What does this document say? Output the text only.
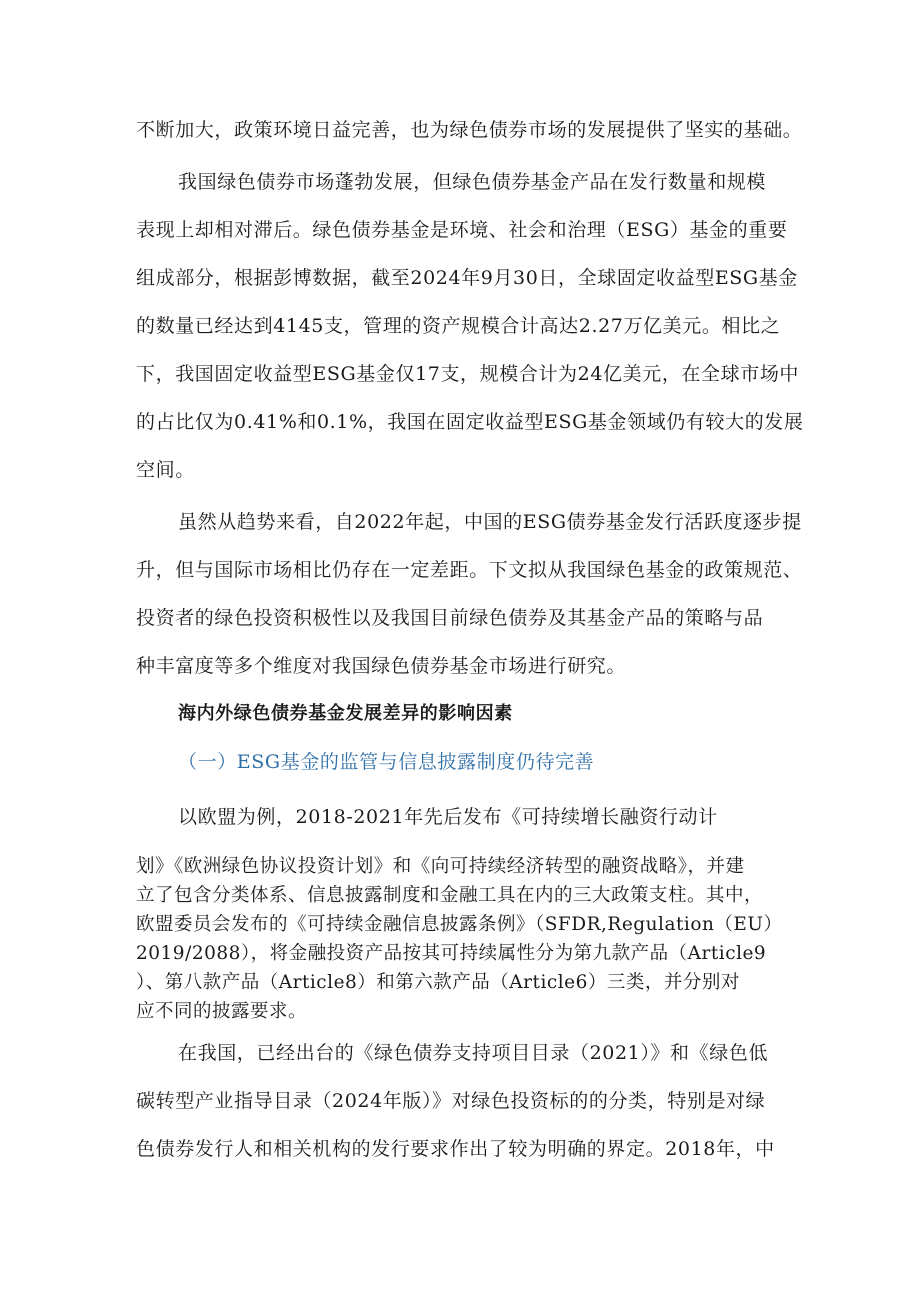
不断加大，政策环境日益完善，也为绿色债券市场的发展提供了坚实的基础。
我国绿色债券市场蓬勃发展，但绿色债券基金产品在发行数量和规模
表现上却相对滞后。绿色债券基金是环境、社会和治理（ESG）基金的重要
组成部分，根据彭博数据，截至2024年9月30日，全球固定收益型ESG基金
的数量已经达到4145支，管理的资产规模合计高达2.27万亿美元。相比之
下，我国固定收益型ESG基金仅17支，规模合计为24亿美元，在全球市场中
的占比仅为0.41%和0.1%，我国在固定收益型ESG基金领域仍有较大的发展
空间。
虽然从趋势来看，自2022年起，中国的ESG债券基金发行活跃度逐步提
升，但与国际市场相比仍存在一定差距。下文拟从我国绿色基金的政策规范、
投资者的绿色投资积极性以及我国目前绿色债券及其基金产品的策略与品
种丰富度等多个维度对我国绿色债券基金市场进行研究。
海内外绿色债券基金发展差异的影响因素
（一）ESG基金的监管与信息披露制度仍待完善
以欧盟为例，2018-2021年先后发布《可持续增长融资行动计
划》《欧洲绿色协议投资计划》和《向可持续经济转型的融资战略》，并建
立了包含分类体系、信息披露制度和金融工具在内的三大政策支柱。其中，
欧盟委员会发布的《可持续金融信息披露条例》（SFDR,Regulation（EU）
2019/2088），将金融投资产品按其可持续属性分为第九款产品（Article9
）、第八款产品（Article8）和第六款产品（Article6）三类，并分别对
应不同的披露要求。
在我国，已经出台的《绿色债券支持项目目录（2021）》和《绿色低
碳转型产业指导目录（2024年版）》对绿色投资标的的分类，特别是对绿
色债券发行人和相关机构的发行要求作出了较为明确的界定。2018年，中
